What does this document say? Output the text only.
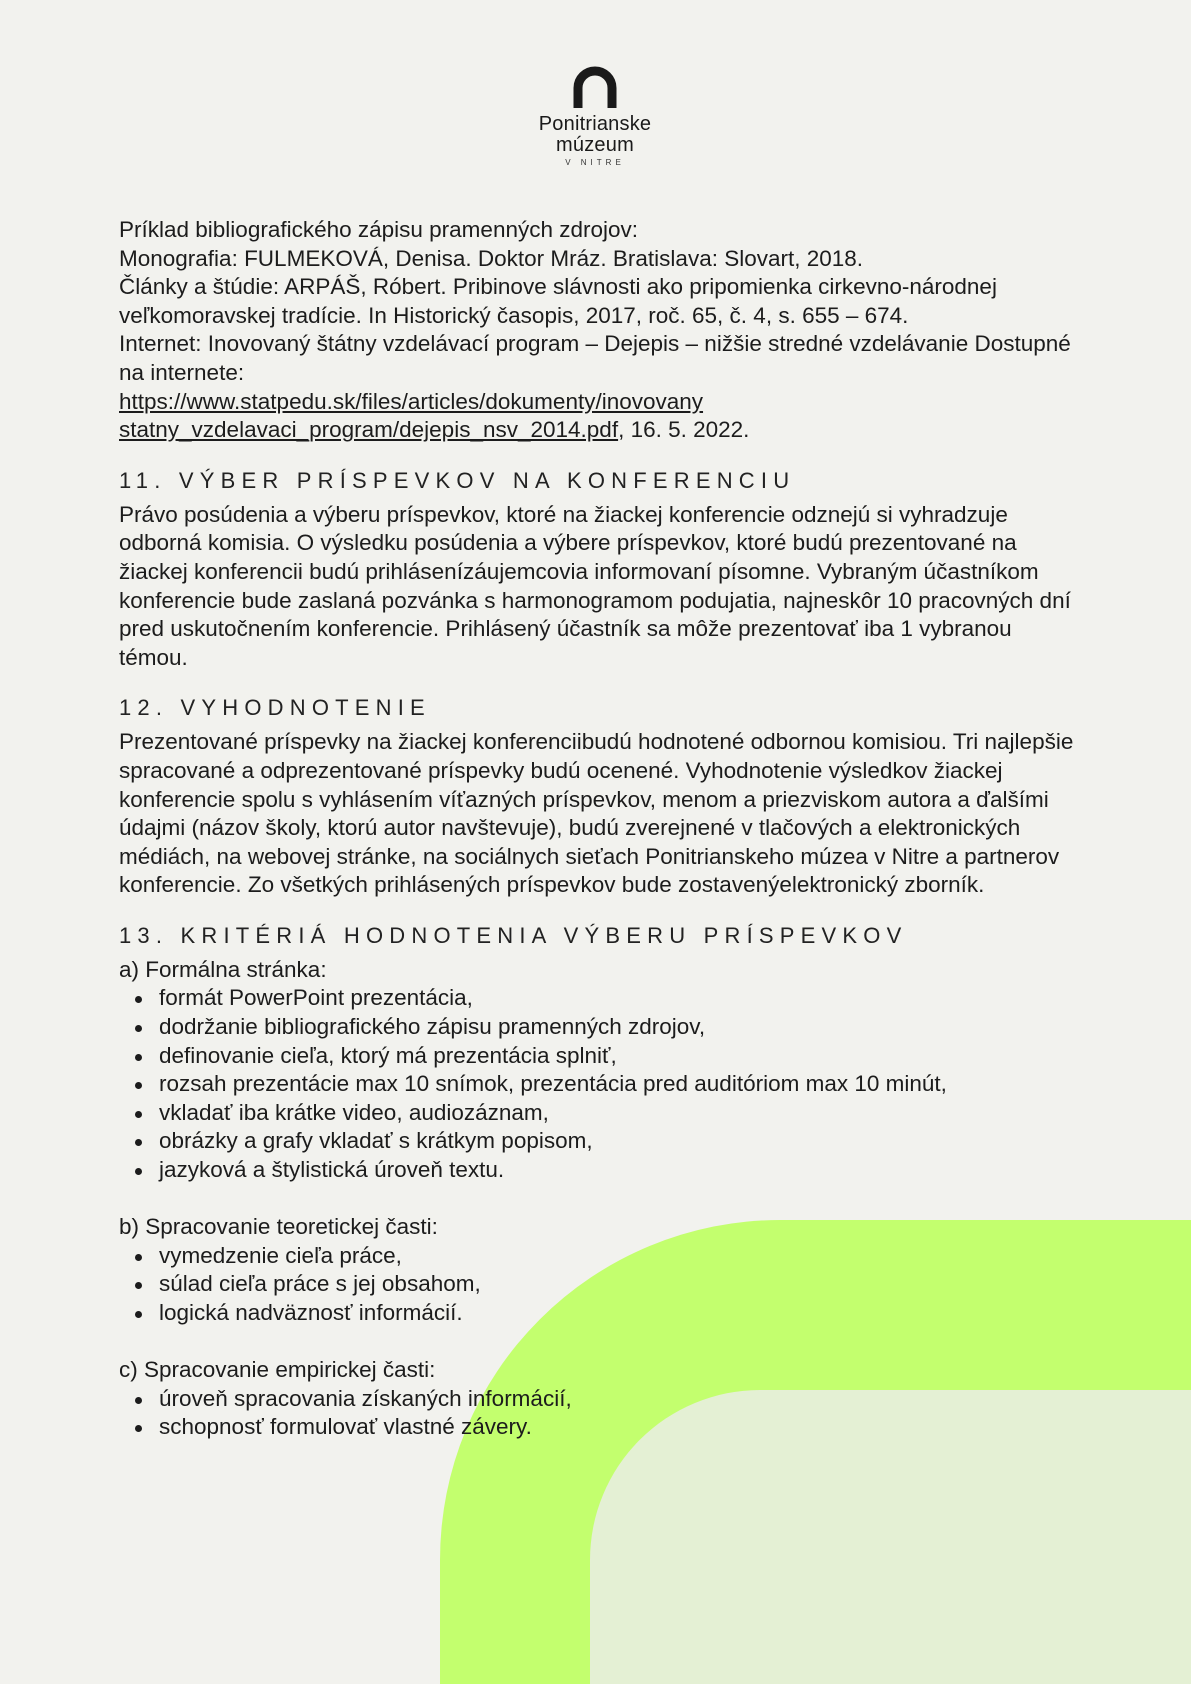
Ponitrianske
múzeum
V NITRE

Príklad bibliografického zápisu pramenných zdrojov:

Monografia: FULMEKOVÁ, Denisa. Doktor Mráz. Bratislava: Slovart, 2018.

Články a štúdie: ARPÁŠ, Róbert. Pribinove slávnosti ako pripomienka cirkevno-národnej veľkomoravskej tradície. In Historický časopis, 2017, roč. 65, č. 4, s. 655 – 674.

Internet: Inovovaný štátny vzdelávací program – Dejepis – nižšie stredné vzdelávanie Dostupné na internete:

https://www.statpedu.sk/files/articles/dokumenty/inovovany statny_vzdelavaci_program/dejepis_nsv_2014.pdf, 16. 5. 2022.

11. VÝBER PRÍSPEVKOV NA KONFERENCIU

Právo posúdenia a výberu príspevkov, ktoré na žiackej konferencie odznejú si vyhradzuje odborná komisia. O výsledku posúdenia a výbere príspevkov, ktoré budú prezentované na žiackej konferencii budú prihlásenízáujemcovia informovaní písomne. Vybraným účastníkom konferencie bude zaslaná pozvánka s harmonogramom podujatia, najneskôr 10 pracovných dní pred uskutočnením konferencie. Prihlásený účastník sa môže prezentovať iba 1 vybranou témou.

12. VYHODNOTENIE

Prezentované príspevky na žiackej konferenciibudú hodnotené odbornou komisiou. Tri najlepšie spracované a odprezentované príspevky budú ocenené. Vyhodnotenie výsledkov žiackej konferencie spolu s vyhlásením víťazných príspevkov, menom a priezviskom autora a ďalšími údajmi (názov školy, ktorú autor navštevuje), budú zverejnené v tlačových a elektronických médiách, na webovej stránke, na sociálnych sieťach Ponitrianskeho múzea v Nitre a partnerov konferencie. Zo všetkých prihlásených príspevkov bude zostavenýelektronický zborník.

13. KRITÉRIÁ HODNOTENIA VÝBERU PRÍSPEVKOV

a) Formálna stránka:

formát PowerPoint prezentácia,
dodržanie bibliografického zápisu pramenných zdrojov,
definovanie cieľa, ktorý má prezentácia splniť,
rozsah prezentácie max 10 snímok, prezentácia pred auditóriom max 10 minút,
vkladať iba krátke video, audiozáznam,
obrázky a grafy vkladať s krátkym popisom,
jazyková a štylistická úroveň textu.

b) Spracovanie teoretickej časti:

vymedzenie cieľa práce,
súlad cieľa práce s jej obsahom,
logická nadväznosť informácií.

c) Spracovanie empirickej časti:

úroveň spracovania získaných informácií,
schopnosť formulovať vlastné závery.
